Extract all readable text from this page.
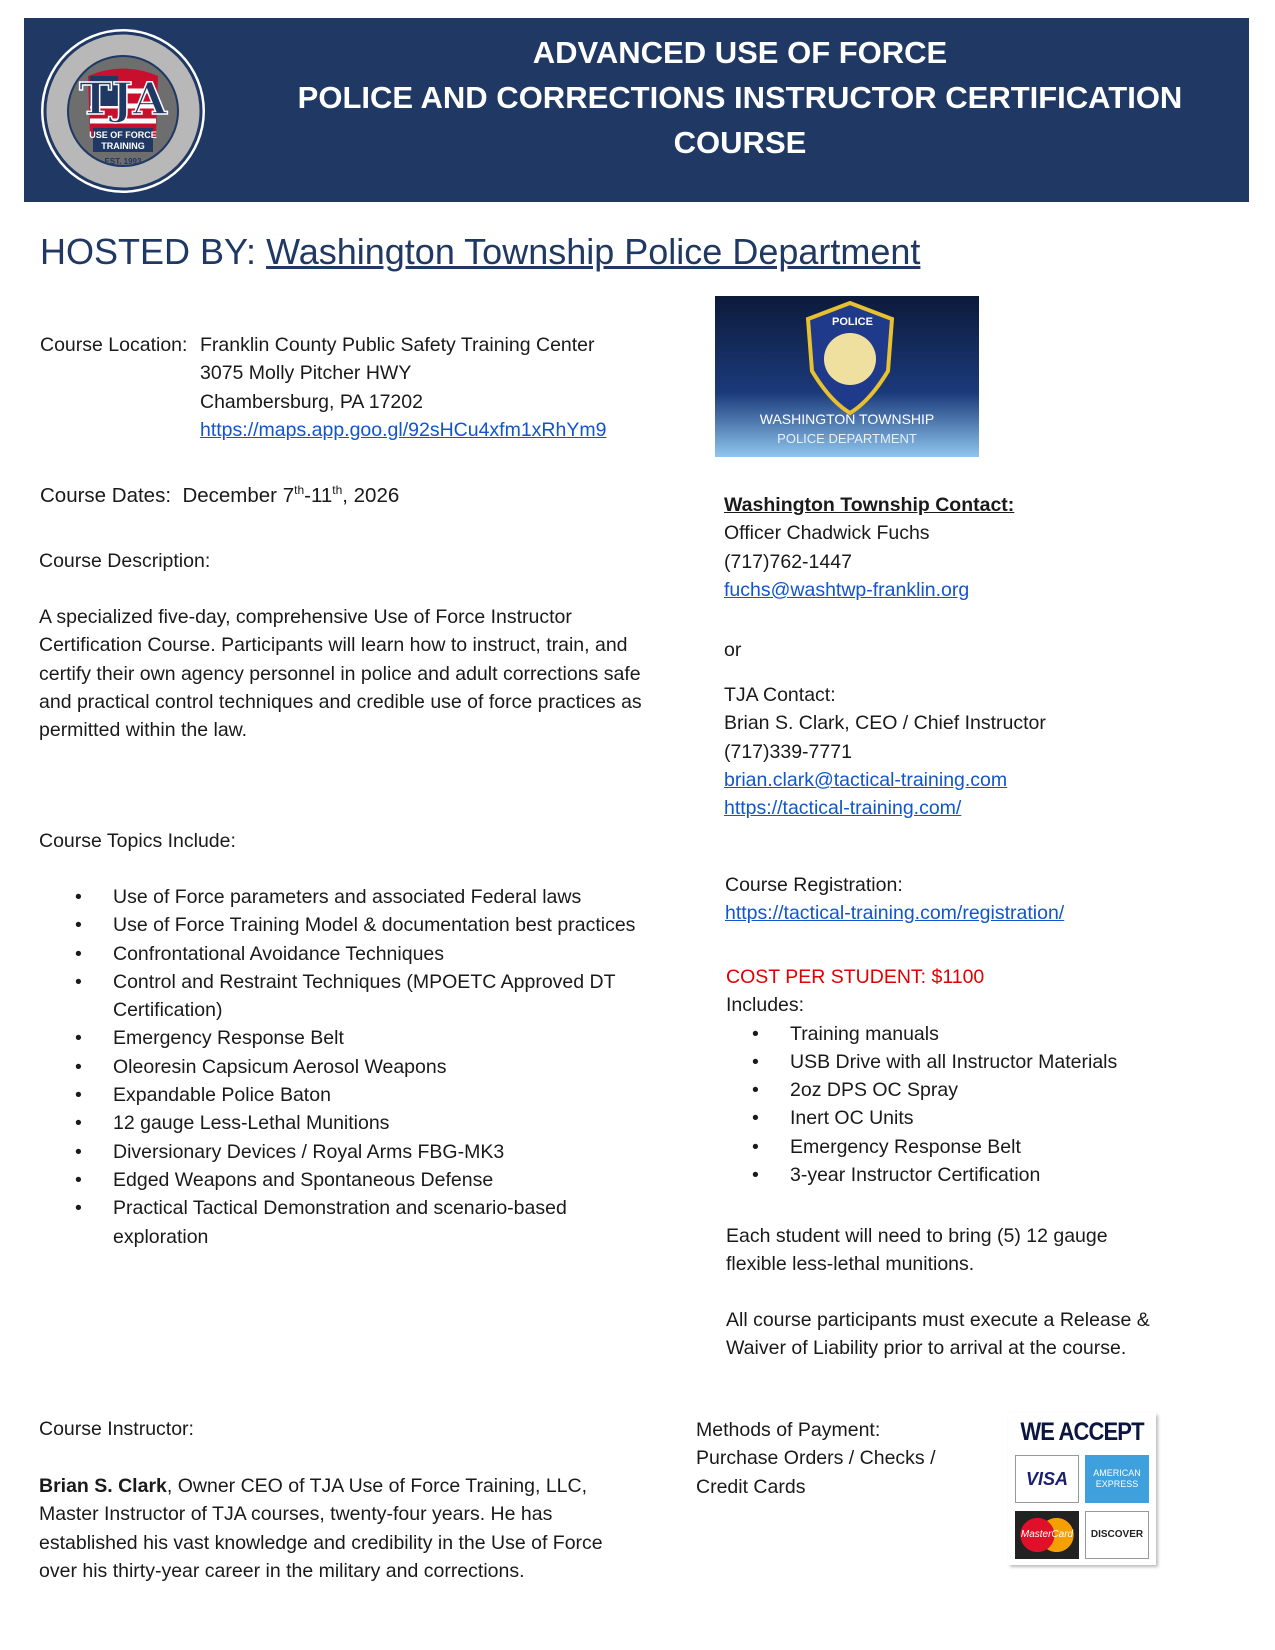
TJA
USE OF FORCE
TRAINING
EST. 1993
ADVANCED USE OF FORCE
POLICE AND CORRECTIONS INSTRUCTOR CERTIFICATION
COURSE
HOSTED BY: Washington Township Police Department
Course Location: Franklin County Public Safety Training Center
3075 Molly Pitcher HWY
Chambersburg, PA 17202
https://maps.app.goo.gl/92sHCu4xfm1xRhYm9
Course Dates: December 7th-11th, 2026
Course Description:
A specialized five-day, comprehensive Use of Force Instructor Certification Course. Participants will learn how to instruct, train, and certify their own agency personnel in police and adult corrections safe and practical control techniques and credible use of force practices as permitted within the law.
Course Topics Include:
• Use of Force parameters and associated Federal laws
• Use of Force Training Model & documentation best practices
• Confrontational Avoidance Techniques
• Control and Restraint Techniques (MPOETC Approved DT Certification)
• Emergency Response Belt
• Oleoresin Capsicum Aerosol Weapons
• Expandable Police Baton
• 12 gauge Less-Lethal Munitions
• Diversionary Devices / Royal Arms FBG-MK3
• Edged Weapons and Spontaneous Defense
• Practical Tactical Demonstration and scenario-based exploration
Course Instructor:
Brian S. Clark, Owner CEO of TJA Use of Force Training, LLC, Master Instructor of TJA courses, twenty-four years. He has established his vast knowledge and credibility in the Use of Force over his thirty-year career in the military and corrections.
POLICE
WASHINGTON TOWNSHIP
POLICE DEPARTMENT
Washington Township Contact:
Officer Chadwick Fuchs
(717)762-1447
fuchs@washtwp-franklin.org
or
TJA Contact:
Brian S. Clark, CEO / Chief Instructor
(717)339-7771
brian.clark@tactical-training.com
https://tactical-training.com/
Course Registration:
https://tactical-training.com/registration/
COST PER STUDENT: $1100
Includes:
• Training manuals
• USB Drive with all Instructor Materials
• 2oz DPS OC Spray
• Inert OC Units
• Emergency Response Belt
• 3-year Instructor Certification
Each student will need to bring (5) 12 gauge flexible less-lethal munitions.
All course participants must execute a Release & Waiver of Liability prior to arrival at the course.
Methods of Payment:
Purchase Orders / Checks / Credit Cards
WE ACCEPT
VISA	AMERICAN EXPRESS
MasterCard	DISCOVER
